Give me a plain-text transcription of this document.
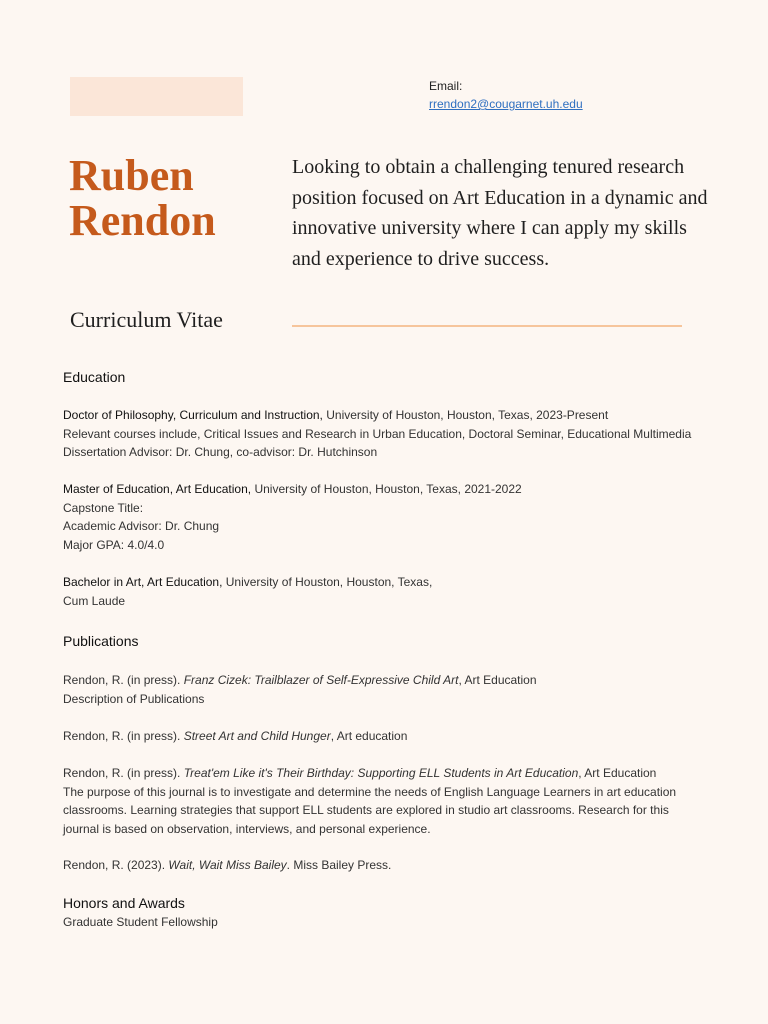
Email:
rrendon2@cougarnet.uh.edu
Ruben
Rendon
Looking to obtain a challenging tenured research position focused on Art Education in a dynamic and innovative university where I can apply my skills and experience to drive success.
Curriculum Vitae
Education
Doctor of Philosophy, Curriculum and Instruction, University of Houston, Houston, Texas, 2023-Present
Relevant courses include, Critical Issues and Research in Urban Education, Doctoral Seminar, Educational Multimedia
Dissertation Advisor: Dr. Chung, co-advisor: Dr. Hutchinson
Master of Education, Art Education, University of Houston, Houston, Texas, 2021-2022
Capstone Title:
Academic Advisor: Dr. Chung
Major GPA: 4.0/4.0
Bachelor in Art, Art Education, University of Houston, Houston, Texas,
Cum Laude
Publications
Rendon, R. (in press). Franz Cizek: Trailblazer of Self-Expressive Child Art, Art Education
Description of Publications
Rendon, R. (in press). Street Art and Child Hunger, Art education
Rendon, R. (in press). Treat'em Like it's Their Birthday: Supporting ELL Students in Art Education, Art Education
The purpose of this journal is to investigate and determine the needs of English Language Learners in art education classrooms. Learning strategies that support ELL students are explored in studio art classrooms. Research for this journal is based on observation, interviews, and personal experience.
Rendon, R. (2023). Wait, Wait Miss Bailey. Miss Bailey Press.
Honors and Awards
Graduate Student Fellowship
